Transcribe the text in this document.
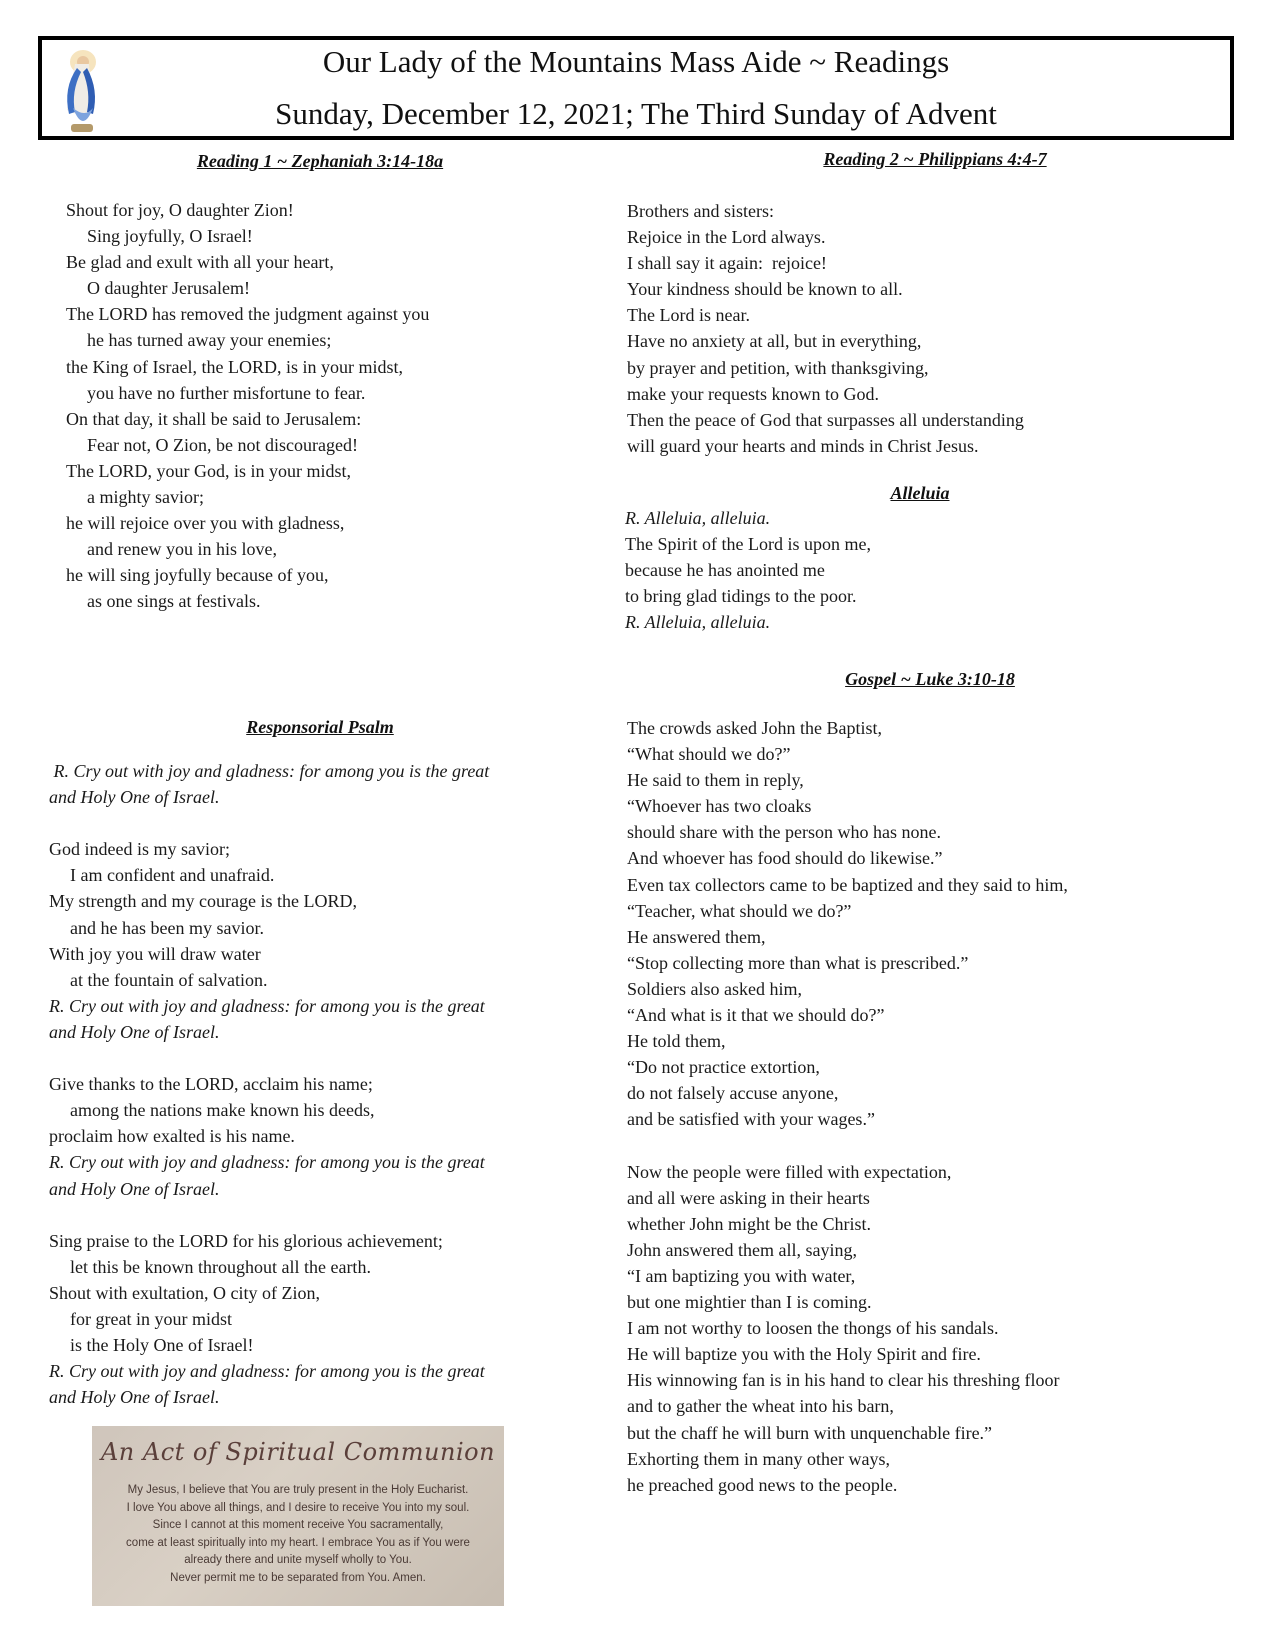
Our Lady of the Mountains Mass Aide ~ Readings
Sunday, December 12, 2021; The Third Sunday of Advent
Reading 1 ~ Zephaniah 3:14-18a
Shout for joy, O daughter Zion!
Sing joyfully, O Israel!
Be glad and exult with all your heart,
O daughter Jerusalem!
The LORD has removed the judgment against you
he has turned away your enemies;
the King of Israel, the LORD, is in your midst,
you have no further misfortune to fear.
On that day, it shall be said to Jerusalem:
Fear not, O Zion, be not discouraged!
The LORD, your God, is in your midst,
a mighty savior;
he will rejoice over you with gladness,
and renew you in his love,
he will sing joyfully because of you,
as one sings at festivals.
Responsorial Psalm
R. Cry out with joy and gladness: for among you is the great
and Holy One of Israel.
God indeed is my savior;
I am confident and unafraid.
My strength and my courage is the LORD,
and he has been my savior.
With joy you will draw water
at the fountain of salvation.
R. Cry out with joy and gladness: for among you is the great
and Holy One of Israel.
Give thanks to the LORD, acclaim his name;
among the nations make known his deeds,
proclaim how exalted is his name.
R. Cry out with joy and gladness: for among you is the great
and Holy One of Israel.
Sing praise to the LORD for his glorious achievement;
let this be known throughout all the earth.
Shout with exultation, O city of Zion,
for great in your midst
is the Holy One of Israel!
R. Cry out with joy and gladness: for among you is the great
and Holy One of Israel.
Reading 2 ~ Philippians 4:4-7
Brothers and sisters:
Rejoice in the Lord always.
I shall say it again:  rejoice!
Your kindness should be known to all.
The Lord is near.
Have no anxiety at all, but in everything,
by prayer and petition, with thanksgiving,
make your requests known to God.
Then the peace of God that surpasses all understanding
will guard your hearts and minds in Christ Jesus.
Alleluia
R. Alleluia, alleluia.
The Spirit of the Lord is upon me,
because he has anointed me
to bring glad tidings to the poor.
R. Alleluia, alleluia.
Gospel ~ Luke 3:10-18
The crowds asked John the Baptist,
“What should we do?”
He said to them in reply,
“Whoever has two cloaks
should share with the person who has none.
And whoever has food should do likewise.”
Even tax collectors came to be baptized and they said to him,
“Teacher, what should we do?”
He answered them,
“Stop collecting more than what is prescribed.”
Soldiers also asked him,
“And what is it that we should do?”
He told them,
“Do not practice extortion,
do not falsely accuse anyone,
and be satisfied with your wages.”
Now the people were filled with expectation,
and all were asking in their hearts
whether John might be the Christ.
John answered them all, saying,
“I am baptizing you with water,
but one mightier than I is coming.
I am not worthy to loosen the thongs of his sandals.
He will baptize you with the Holy Spirit and fire.
His winnowing fan is in his hand to clear his threshing floor
and to gather the wheat into his barn,
but the chaff he will burn with unquenchable fire.”
Exhorting them in many other ways,
he preached good news to the people.
An Act of Spiritual Communion
My Jesus, I believe that You are truly present in the Holy Eucharist.
I love You above all things, and I desire to receive You into my soul.
Since I cannot at this moment receive You sacramentally,
come at least spiritually into my heart. I embrace You as if You were
already there and unite myself wholly to You.
Never permit me to be separated from You. Amen.
